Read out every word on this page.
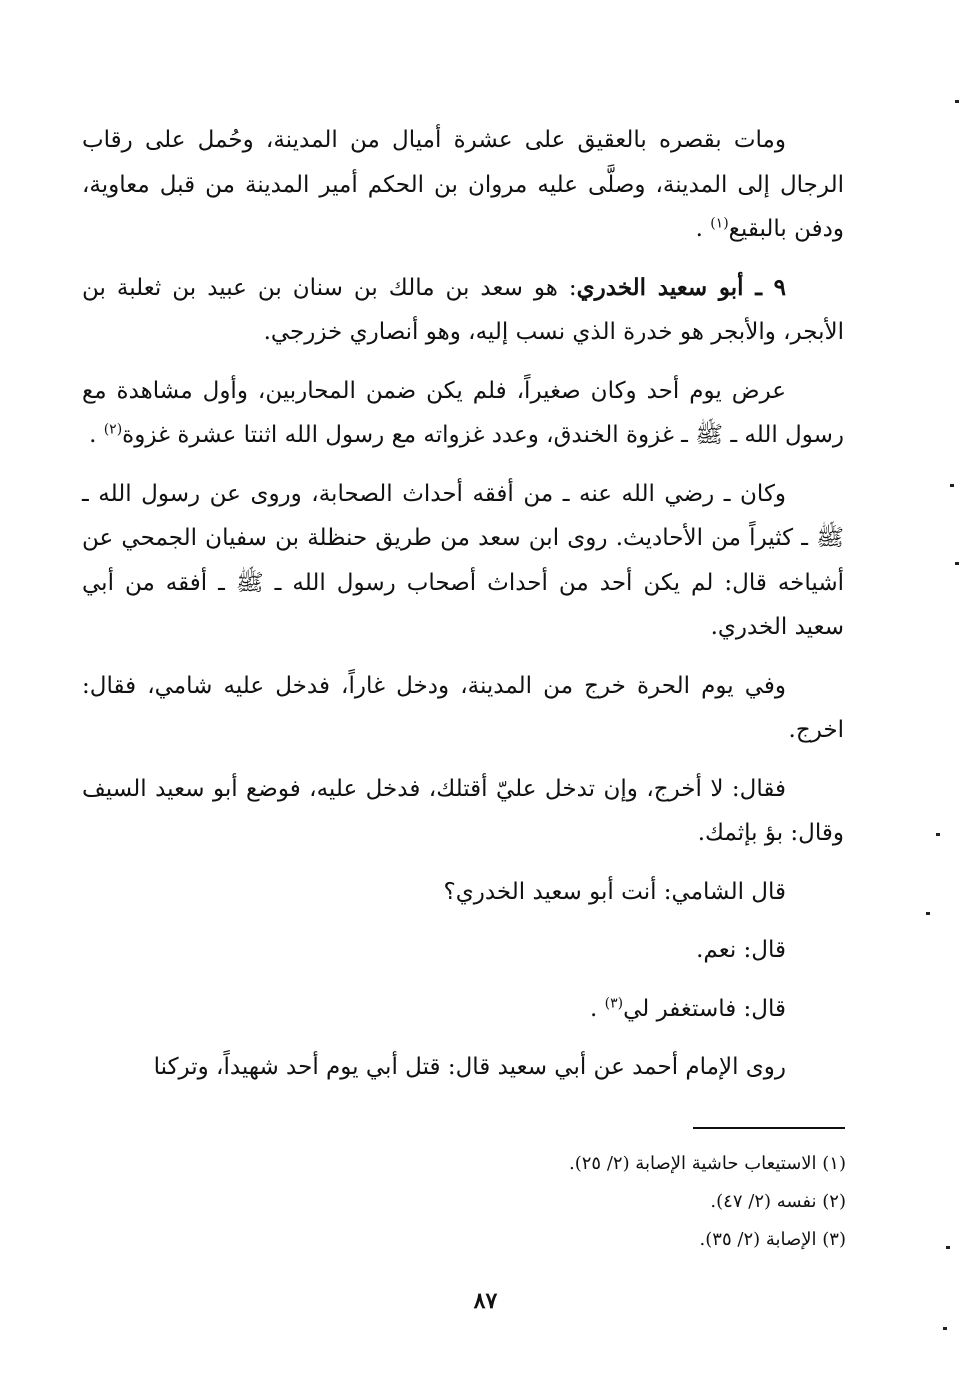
ومات بقصره بالعقيق على عشرة أميال من المدينة، وحُمل على رقاب الرجال إلى المدينة، وصلَّى عليه مروان بن الحكم أمير المدينة من قبل معاوية، ودفن بالبقيع$^{(١)}$ .

٩ ـ أبو سعيد الخدري: هو سعد بن مالك بن سنان بن عبيد بن ثعلبة بن الأبجر، والأبجر هو خدرة الذي نسب إليه، وهو أنصاري خزرجي.

عرض يوم أحد وكان صغيراً، فلم يكن ضمن المحاربين، وأول مشاهدة مع رسول الله ـ ﷺ ـ غزوة الخندق، وعدد غزواته مع رسول الله اثنتا عشرة غزوة$^{(٢)}$ .

وكان ـ رضي الله عنه ـ من أفقه أحداث الصحابة، وروى عن رسول الله ـ ﷺ ـ كثيراً من الأحاديث. روى ابن سعد من طريق حنظلة بن سفيان الجمحي عن أشياخه قال: لم يكن أحد من أحداث أصحاب رسول الله ـ ﷺ ـ أفقه من أبي سعيد الخدري.

وفي يوم الحرة خرج من المدينة، ودخل غاراً، فدخل عليه شامي، فقال: اخرج.

فقال: لا أخرج، وإن تدخل عليّ أقتلك، فدخل عليه، فوضع أبو سعيد السيف وقال: بؤ بإثمك.

قال الشامي: أنت أبو سعيد الخدري؟

قال: نعم.

قال: فاستغفر لي$^{(٣)}$ .

روى الإمام أحمد عن أبي سعيد قال: قتل أبي يوم أحد شهيداً، وتركنا

(١) الاستيعاب حاشية الإصابة (٢/ ٢٥).
(٢) نفسه (٢/ ٤٧).
(٣) الإصابة (٢/ ٣٥).
٨٧
